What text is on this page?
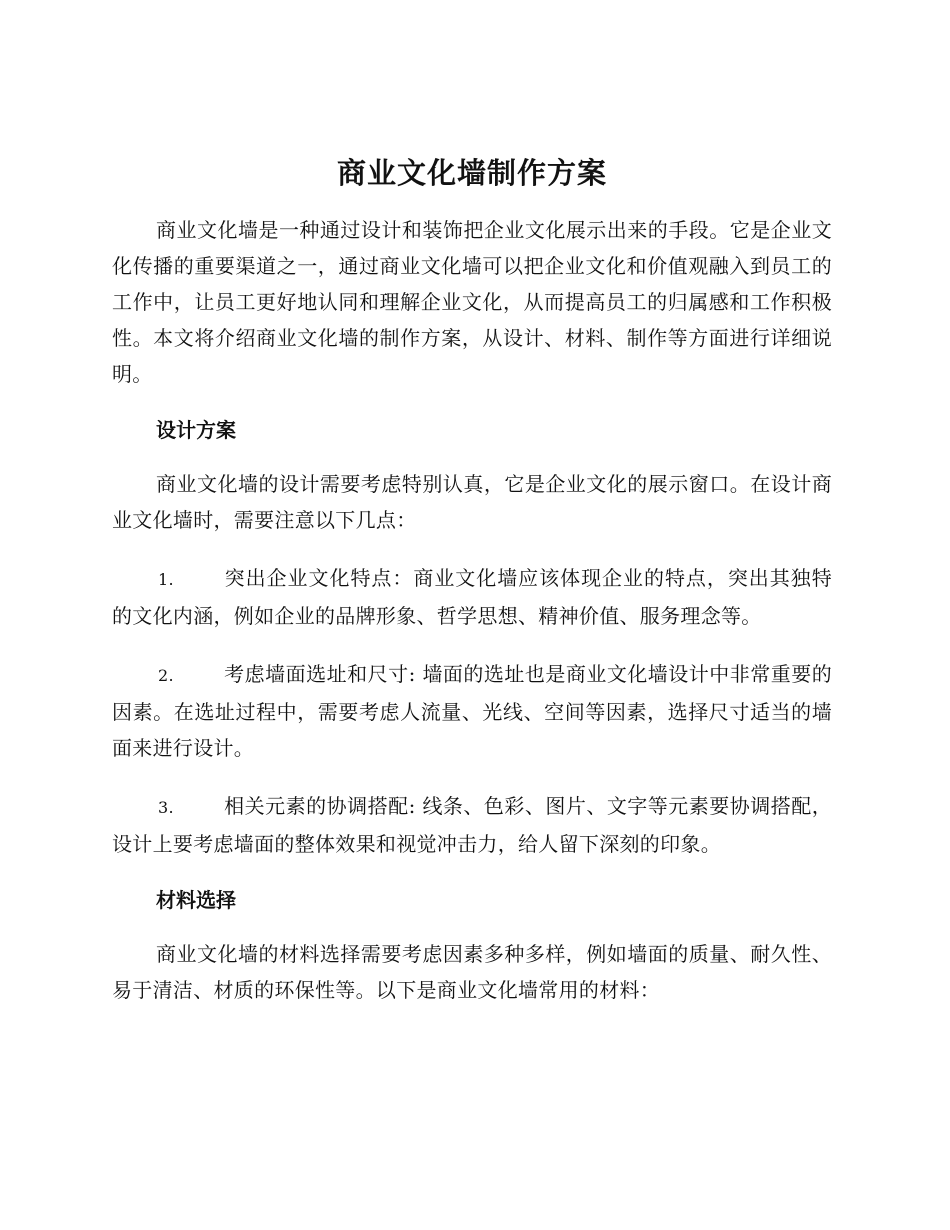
商业文化墙制作方案

商业文化墙是一种通过设计和装饰把企业文化展示出来的手段。它是企业文化传播的重要渠道之一，通过商业文化墙可以把企业文化和价值观融入到员工的工作中，让员工更好地认同和理解企业文化，从而提高员工的归属感和工作积极性。本文将介绍商业文化墙的制作方案，从设计、材料、制作等方面进行详细说明。

设计方案

商业文化墙的设计需要考虑特别认真，它是企业文化的展示窗口。在设计商业文化墙时，需要注意以下几点：

1.	突出企业文化特点：商业文化墙应该体现企业的特点，突出其独特的文化内涵，例如企业的品牌形象、哲学思想、精神价值、服务理念等。

2.	考虑墙面选址和尺寸: 墙面的选址也是商业文化墙设计中非常重要的因素。在选址过程中，需要考虑人流量、光线、空间等因素，选择尺寸适当的墙面来进行设计。

3.	相关元素的协调搭配: 线条、色彩、图片、文字等元素要协调搭配，设计上要考虑墙面的整体效果和视觉冲击力，给人留下深刻的印象。

材料选择

商业文化墙的材料选择需要考虑因素多种多样，例如墙面的质量、耐久性、易于清洁、材质的环保性等。以下是商业文化墙常用的材料：
